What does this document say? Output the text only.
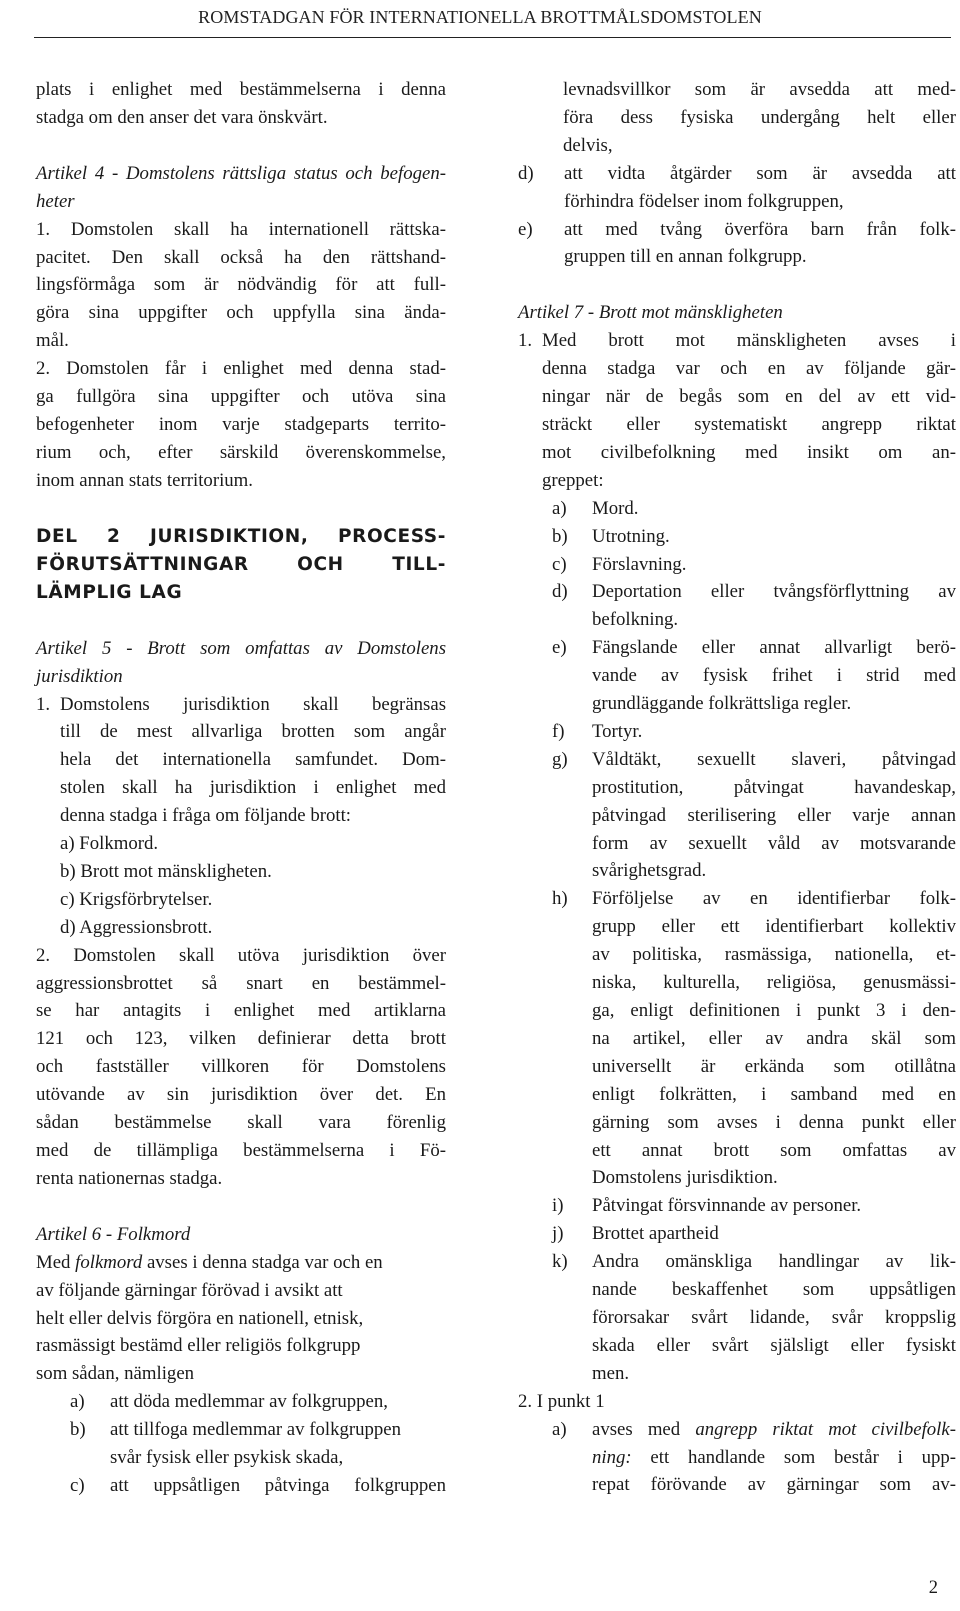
ROMSTADGAN FÖR INTERNATIONELLA BROTTMÅLSDOMSTOLEN

plats i enlighet med bestämmelserna i denna

stadga om den anser det vara önskvärt.

Artikel 4 - Domstolens rättsliga status och befogen-

heter

1. Domstolen skall ha internationell rättska-

pacitet. Den skall också ha den rättshand-

lingsförmåga som är nödvändig för att full-

göra sina uppgifter och uppfylla sina ända-

mål.

2. Domstolen får i enlighet med denna stad-

ga fullgöra sina uppgifter och utöva sina

befogenheter inom varje stadgeparts territo-

rium och, efter särskild överenskommelse,

inom annan stats territorium.

DEL 2 JURISDIKTION, PROCESS-

FÖRUTSÄTTNINGAR OCH TILL-

LÄMPLIG LAG

Artikel 5 - Brott som omfattas av Domstolens

jurisdiktion

1. Domstolens jurisdiktion skall begränsas

till de mest allvarliga brotten som angår

hela det internationella samfundet. Dom-

stolen skall ha jurisdiktion i enlighet med

denna stadga i fråga om följande brott:

a) Folkmord.

b) Brott mot mänskligheten.

c) Krigsförbrytelser.

d) Aggressionsbrott.

2. Domstolen skall utöva jurisdiktion över

aggressionsbrottet så snart en bestämmel-

se har antagits i enlighet med artiklarna

121 och 123, vilken definierar detta brott

och fastställer villkoren för Domstolens

utövande av sin jurisdiktion över det. En

sådan bestämmelse skall vara förenlig

med de tillämpliga bestämmelserna i Fö-

renta nationernas stadga.

Artikel 6 - Folkmord

Med folkmord avses i denna stadga var och en

av följande gärningar förövad i avsikt att

helt eller delvis förgöra en nationell, etnisk,

rasmässigt bestämd eller religiös folkgrupp

som sådan, nämligen

a)	att döda medlemmar av folkgruppen,

b)	att tillfoga medlemmar av folkgruppen

svår fysisk eller psykisk skada,

c)	att uppsåtligen påtvinga folkgruppen

levnadsvillkor som är avsedda att med-

föra dess fysiska undergång helt eller

delvis,

d)	att vidta åtgärder som är avsedda att

förhindra födelser inom folkgruppen,

e)	att med tvång överföra barn från folk-

gruppen till en annan folkgrupp.

Artikel 7 - Brott mot mänskligheten

1. Med brott mot mänskligheten avses i

denna stadga var och en av följande gär-

ningar när de begås som en del av ett vid-

sträckt eller systematiskt angrepp riktat

mot civilbefolkning med insikt om an-

greppet:

a)	Mord.

b)	Utrotning.

c)	Förslavning.

d)	Deportation eller tvångsförflyttning av

befolkning.

e)	Fängslande eller annat allvarligt berö-

vande av fysisk frihet i strid med

grundläggande folkrättsliga regler.

f)	Tortyr.

g)	Våldtäkt, sexuellt slaveri, påtvingad

prostitution, påtvingat havandeskap,

påtvingad sterilisering eller varje annan

form av sexuellt våld av motsvarande

svårighetsgrad.

h)	Förföljelse av en identifierbar folk-

grupp eller ett identifierbart kollektiv

av politiska, rasmässiga, nationella, et-

niska, kulturella, religiösa, genusmässi-

ga, enligt definitionen i punkt 3 i den-

na artikel, eller av andra skäl som

universellt är erkända som otillåtna

enligt folkrätten, i samband med en

gärning som avses i denna punkt eller

ett annat brott som omfattas av

Domstolens jurisdiktion.

i)	Påtvingat försvinnande av personer.

j)	Brottet apartheid

k)	Andra omänskliga handlingar av lik-

nande beskaffenhet som uppsåtligen

förorsakar svårt lidande, svår kroppslig

skada eller svårt själsligt eller fysiskt

men.

2. I punkt 1

a)	avses med angrepp riktat mot civilbefolk-

ning: ett handlande som består i upp-

repat förövande av gärningar som av-

2
